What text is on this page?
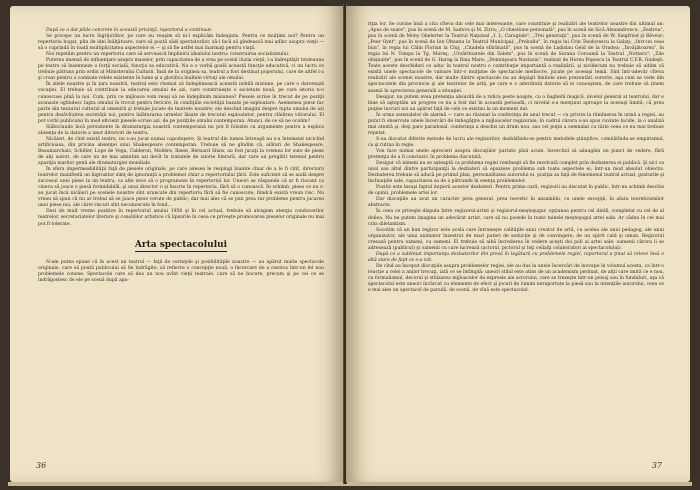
După ce a dat pilde concrete în această privinţă, raportorul a continuat:

Se pricepe un lucru îngrijorător, pe care nu reuşim să ni-l explicăm îndeajuns. Pentru ce mulţimi noi? Pentru un repertoriu bogat, plin de idei înălţătoare, care să poată sădi spectatorilor, să-i facă să gîndească mai adînc asupra vieţii — să o cuprindă în toată multiplicitatea aspectelor ei — şi să fie astfel mai înarmaţi pentru viaţă.

Noi repetăm pentru un repertoriu care să servească împlinirii idealului nostru: construirea socialismului.

Puterea imensă de influenţare asupra maselor, prin capacitatea de a crea pe scenă iluzia vieţii, l-a îndreptăţit totdeauna pe teatru să însemneze o forţă socială, funcţia sa educativă. Nu e o vorbă goală această funcţie educativă, ci un lucru ce trebuie pătruns prin ordin al Ministerului Culturii. Însă de la originea sa, teatrul a fost destinat poporului, care de altfel l-a şi creat pentru a combate relele existente în lume şi a glorifica înaltele virtuţi ale omului.

În zilele noastre şi în ţara noastră, teatrul este chemat să îndeplinească această nobilă misiune, pe care o datorează vocaţiei. El trebuie să contribuie la educarea omului de azi, care construieşte o societate nouă, pe care istoria n-o cunoscuse pînă la noi. Cum, prin ce mijloace vom reuşi să ne îndeplinim misiunea? Piesele scrise în trecut de pe poziţii avansate oglindesc lupta omului în trecut pentru fericire, în condiţiile societăţii bazate pe exploatare. Asemenea piese fac parte din tezaurul cultural al omenirii şi trebuie jucate de teatrele noastre; ele deschid imagini despre lupta omului de azi pentru desăvîrşirea societăţii noi, pentru înlăturarea urmelor lăsate de trecutul exploatator, pentru clădirea viitorului. El pot vorbi publicului în mod eficient piesele scrise azi, de pe poziţiile omului contemporan. Atunci, de ce să ne ocolim?

Slăbiciunile încă persistente în dramaturgia noastră contemporană nu pot fi folosite ca argumente pentru a explica absenţa de la datorie a unor directori de teatru.

Nicăieri, de cînd există teatru, nu s-au jucat numai capodopere. Şi teatrul din lumea întreagă nu s-a întemeiat nicicînd artificioasa, din pricina absenţei unui Shakespeare contemporan. Trebuie să ne gîndim că, alături de Shakespeare, Beaumarchais, Schiller, Lope de Vega, Calderon, Molière, Ibsen, Bernard Shaw, au fost jucaţi la vremea lor sute de piese de alţi autori, de care nu ne mai amintim azi decît în tratatele de istorie literară, dar care au pregătit terenul pentru apariţia marilor genii ale dramaturgiei mondiale.

În sfera impermeabilităţii faţă de piesele originale, pe care adesea le respingi înainte chiar de a le fi citit, directorii teatrelor manifestă un îngrozitor simţ de ignoranţă a problemei chiar a repertoriului ţării. Este suficient să se audă despre succesul unei piese la un teatru, ca alte zece să o programeze în repertoriul lor. Uneori se răspunde că ar fi riscant ca cineva să joace o piesă formidabilă, şi unui director o şi înscrie în repertoriu, fără să o cunoască. În schimb, piese ce nu s-au jucat încă nicăieri pe scenele noastre sînt aruncate din repertoriu fără să fie cunoscute, fiindcă există vreun risc. Nu vreau să spun că nu ar trebui să se joace piese cerute de public; dar mai ales că se pun prea rar probleme pentru jucarea unei piese noi, ale cărei riscuri sînt necunoscute în fond...

Dezi de mult vreme pozitive în repertoriul anului 1956 şi în cel actual, trebuie să atragem atenţia conducerilor teatrelor, secretariatelor literare şi consiliilor artistice că lipsurile în ceea ce priveşte promovarea pieselor originale nu mai pot fi tolerate.

Arta spectacolului

N-am putea spune că în acest an teatrul — faţă de cerinţele şi posibilităţile noastre — au apărut multe spectacole originale, care să poată publicului să fie îndrăgite, să reflecte o concepţie nouă, o încercare de a rezolva într-un fel nou problemele conexe. Spectacole care să dea un nou avînt vieţii teatrale, care să ne bucure, precum şi pe cei ce se îndrăgostesc de ele pe scenă după apa-

36

riţia lor. Se cuvine însă a cita cîteva din cele mai interesante, care constituie şi realizări ale teatrelor noastre din ultimul an: „Apus de soare", pus în scenă de M. Sadova şi M. Zirra; „O chestiune personală", pus în scenă de Sică Alexandrescu; „Zestrea", pus în scenă de Mony Ghelerter la Teatrul Naţional „I. L. Caragiale"; „Trei generaţii", pus în scenă de W. Siegfried şi Rêveur; „Peer Gynt", pus în scenă de Ion Olteanu la Teatrul Municipal; „Preludiu", în regia lui Crin Teodorescu la Galaţi; „Intr-un ceas bun", în regia lui Călin Florian la Cluj; „Citadela sfărîmată", pus în scenă de Ladislau Geld de la Oradea; „Învăţătoarea", în regia lui N. Tompa la Tg. Mureş; „Ursăritoarele din Salem", pus în scenă de Sorana Coroamă la Teatrul „Nottara"; „Zile obişnuite", pus în scenă de G. Harag la Baia Mare; „Domnişoara Nastasia", realizat de Horea Popescu la Teatrul C.F.R. Giuleşti. Toate aceste deschideri ce aduc în teatrul nostru o contribuţie importantă a realizării, şi nicidecum nu trebuie să uităm că există unele spectacole de valoare într-o mulţime de spectacole mediocre, jucate pe aceeaşi temă. Sînt într-adevăr cîteva realizări ale scenei noastre, dar multe dintre spectacole nu au depăşit limitele unei prezentări corecte, aşa cum se vede din spectacolele din provincie şi ale teatrelor de artă, pe care e o adevărată datorie să le cunoaştem, de care trebuie să ţinem seamă în aprecierea generală a situaţiei.

Desigur, nu putem avea pretenţia absurdă de a ridica peste noapte, cu o baghetă magică, nivelul general al teatrului, dar e bine să aşteptăm un progres ce nu a fost dat în această perioadă, ci nivelul s-a menţinut aproape la aceeaşi limită; că prea puţine lucruri noi au apărut faţă de cele ce existau la un moment dat.

În urma semnalelor de alarmă — care au răsunat la conferinţa de anul trecut — cu privire la rămînerea în urmă a regiei, au putut fi observate unele încercări de îmbogăţire a mijloacelor regizorale, în cadrul cărora s-au spus cuvinte lucide, la o analiză mai atentă şi, deşi pare paradoxal, conferinţa a deschis un drum nou, sau cel puţin a semnalat cu tărie ceea ce nu mai trebuie repetat.

S-au discutat diferite metode de lucru ale regizorilor, dezbătîndu-se pentru metodele ştiinţifice, combătîndu-se empirismul, ca şi rutina în regie.

Von face numai unele aprecieri asupra discuţiilor purtate pînă acum, încercînd să adaugăm un punct de vedere, fără pretenţia de a fi concluziv, în problema discutată.

Desigur că nimeni nu se aşteaptă ca problema regiei romîneşti să fie rezolvată complet prin dezbaterea ei publică. Şi nici ca unul sau altul dintre participanţii la dezbateri să epuizeze problema sub toate aspectele ei, într-un mod absolut obiectiv. Dezbaterea trebuie să aducă pe primul plan, personalitatea autorului ei, poziţia sa faţă de fenomenul teatral actual, gusturile şi înclinaţiile sale, capacitatea sa de a pătrunde în esenţa problemelor.

Pozitiv este însuşi faptul iniţierii acestor dezbateri. Pentru prima oară, regizorii au discutat în public, într-un schimb deschis de opinii, problemele artei lor.

Dar discuţiile au avut un caracter prea general, prea teoretic în ansamblu, cu unele excepţii, în afara teoreticienilor abstracte.

În ceea ce priveşte disputa între regizorul-artist şi regizorul-meşteşugar, opţiunea pentru cel dintîi, completat cu cel de al doilea. Nu ne putem imagina un adevărat artist, care să nu posede în toate tainele meşteşugul artei sale. Ar cădea în cel mai crăs diletantism.

Socotim că un bun regizor este acela care întruneşte calităţile unui creator de artă, cu acelea ale unui pedagog, ale unui organizator, ale unui animator înzestrat de mari puteri de seducţie şi de convingere, de un spirit cald şi uman. Regizorul creează pentru oameni, cu oameni. El trebuie să aibă încrederea în vedere aceşti doi poli ai artei sale: oamenii cărora li se adresează (publicul) şi oamenii cu care lucrează (actorul, pictorul şi toţi ceilalţi colaboratori ai spectacolului).

După ce a subliniat importanţa dezbaterilor din presă în legătură cu problemele regiei, raportorul a ţinut să releve însă o altă stare de fapt ce s-a ivit:

De cînd au început discuţiile asupra problemelor regiei, ele au dus la unele încercări de inovaţie în volumul acesta, ca într-o reacţie a celei a anilor trecuţi, iată ce se întîmplă: uneori stilul este atins de un academism perimat, de alţii care imită ce e nou, cu formalismul, decorul şi stilizarea mijloacelor de expresie ale actorului, care se trezeşte într-un peisaj sau în fundaluri, aşa că spectacolul este uneori încărcat cu elemente de efect şi jocuri de lumini neraportate la piesă sau la intenţiile autorului, ceea ce e mai ales un spectacol de paradă, de scenă, de vînă este spectacolul.

37
